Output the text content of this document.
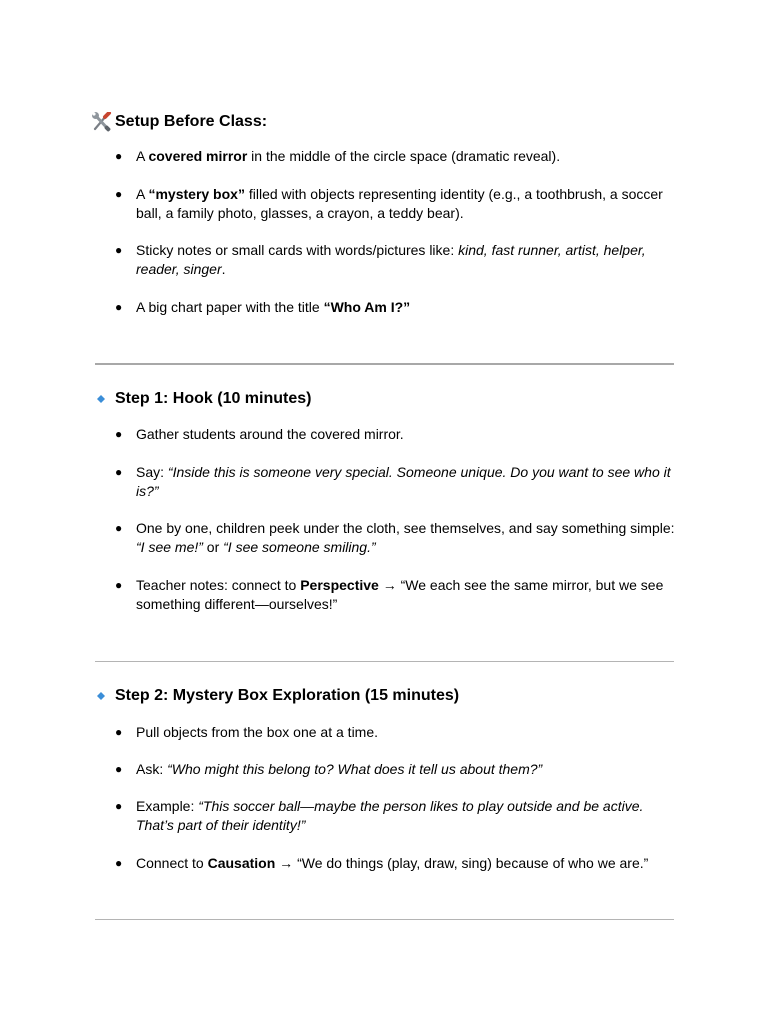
Setup Before Class:
● A covered mirror in the middle of the circle space (dramatic reveal).
● A “mystery box” filled with objects representing identity (e.g., a toothbrush, a soccer ball, a family photo, glasses, a crayon, a teddy bear).
● Sticky notes or small cards with words/pictures like: kind, fast runner, artist, helper, reader, singer.
● A big chart paper with the title “Who Am I?”
Step 1: Hook (10 minutes)
● Gather students around the covered mirror.
● Say: “Inside this is someone very special. Someone unique. Do you want to see who it is?”
● One by one, children peek under the cloth, see themselves, and say something simple: “I see me!” or “I see someone smiling.”
● Teacher notes: connect to Perspective → “We each see the same mirror, but we see something different—ourselves!”
Step 2: Mystery Box Exploration (15 minutes)
● Pull objects from the box one at a time.
● Ask: “Who might this belong to? What does it tell us about them?”
● Example: “This soccer ball—maybe the person likes to play outside and be active. That’s part of their identity!”
● Connect to Causation → “We do things (play, draw, sing) because of who we are.”
